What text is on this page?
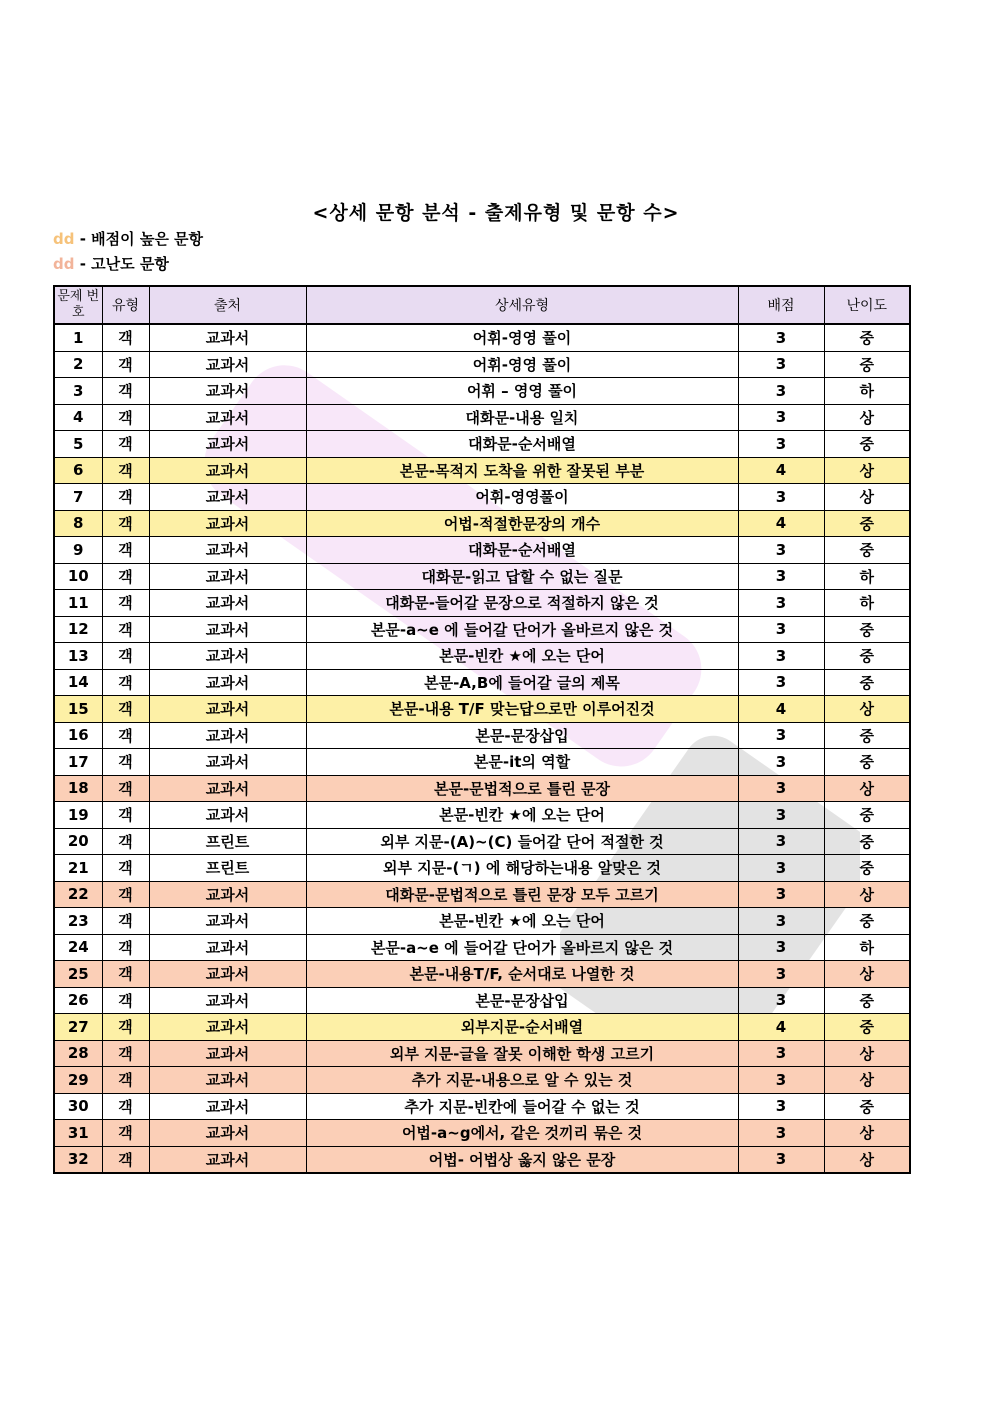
<상세 문항 분석 - 출제유형 및 문항 수>
dd - 배점이 높은 문항
dd - 고난도 문항
문제 번호	유형	출처	상세유형	배점	난이도
1	객	교과서	어휘-영영 풀이	3	중
2	객	교과서	어휘-영영 풀이	3	중
3	객	교과서	어휘 – 영영 풀이	3	하
4	객	교과서	대화문-내용 일치	3	상
5	객	교과서	대화문-순서배열	3	중
6	객	교과서	본문-목적지 도착을 위한 잘못된 부분	4	상
7	객	교과서	어휘-영영풀이	3	상
8	객	교과서	어법-적절한문장의 개수	4	중
9	객	교과서	대화문-순서배열	3	중
10	객	교과서	대화문-읽고 답할 수 없는 질문	3	하
11	객	교과서	대화문-들어갈 문장으로 적절하지 않은 것	3	하
12	객	교과서	본문-a~e 에 들어갈 단어가 올바르지 않은 것	3	중
13	객	교과서	본문-빈칸 ★에 오는 단어	3	중
14	객	교과서	본문-A,B에 들어갈 글의 제목	3	중
15	객	교과서	본문-내용 T/F 맞는답으로만 이루어진것	4	상
16	객	교과서	본문-문장삽입	3	중
17	객	교과서	본문-it의 역할	3	중
18	객	교과서	본문-문법적으로 틀린 문장	3	상
19	객	교과서	본문-빈칸 ★에 오는 단어	3	중
20	객	프린트	외부 지문-(A)~(C) 들어갈 단어 적절한 것	3	중
21	객	프린트	외부 지문-(ㄱ) 에 해당하는내용 알맞은 것	3	중
22	객	교과서	대화문-문법적으로 틀린 문장 모두 고르기	3	상
23	객	교과서	본문-빈칸 ★에 오는 단어	3	중
24	객	교과서	본문-a~e 에 들어갈 단어가 올바르지 않은 것	3	하
25	객	교과서	본문-내용T/F, 순서대로 나열한 것	3	상
26	객	교과서	본문-문장삽입	3	중
27	객	교과서	외부지문-순서배열	4	중
28	객	교과서	외부 지문-글을 잘못 이해한 학생 고르기	3	상
29	객	교과서	추가 지문-내용으로 알 수 있는 것	3	상
30	객	교과서	추가 지문-빈칸에 들어갈 수 없는 것	3	중
31	객	교과서	어법-a~g에서, 같은 것끼리 묶은 것	3	상
32	객	교과서	어법- 어법상 옳지 않은 문장	3	상
